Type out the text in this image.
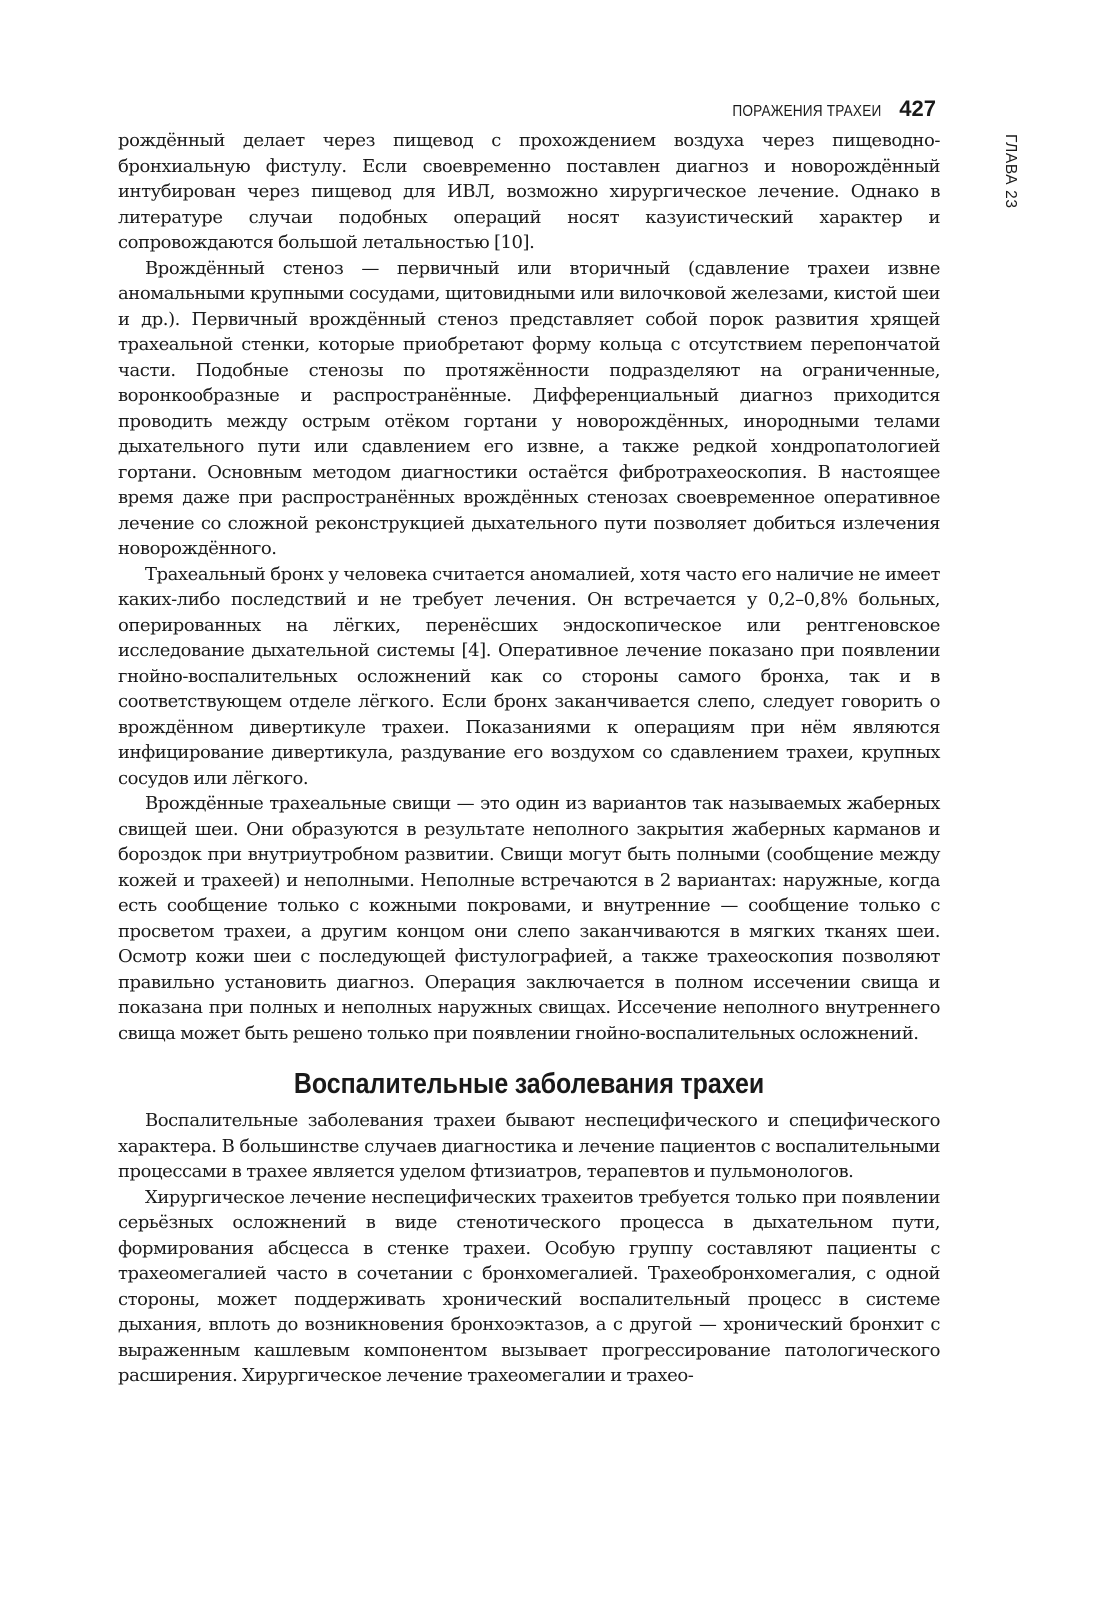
ПОРАЖЕНИЯ ТРАХЕИ 427
ГЛАВА 23

рождённый делает через пищевод с прохождением воздуха через пищеводно-бронхиальную фистулу. Если своевременно поставлен диагноз и новорождённый интубирован через пищевод для ИВЛ, возможно хирургическое лечение. Однако в литературе случаи подобных операций носят казуистический характер и сопровождаются большой летальностью [10].

Врождённый стеноз — первичный или вторичный (сдавление трахеи извне аномальными крупными сосудами, щитовидными или вилочковой железами, кистой шеи и др.). Первичный врождённый стеноз представляет собой порок развития хрящей трахеальной стенки, которые приобретают форму кольца с отсутствием перепончатой части. Подобные стенозы по протяжённости подразделяют на ограниченные, воронкообразные и распространённые. Дифференциальный диагноз приходится проводить между острым отёком гортани у новорождённых, инородными телами дыхательного пути или сдавлением его извне, а также редкой хондропатологией гортани. Основным методом диагностики остаётся фибротрахеоскопия. В настоящее время даже при распространённых врождённых стенозах своевременное оперативное лечение со сложной реконструкцией дыхательного пути позволяет добиться излечения новорождённого.

Трахеальный бронх у человека считается аномалией, хотя часто его наличие не имеет каких-либо последствий и не требует лечения. Он встречается у 0,2–0,8% больных, оперированных на лёгких, перенёсших эндоскопическое или рентгеновское исследование дыхательной системы [4]. Оперативное лечение показано при появлении гнойно-воспалительных осложнений как со стороны самого бронха, так и в соответствующем отделе лёгкого. Если бронх заканчивается слепо, следует говорить о врождённом дивертикуле трахеи. Показаниями к операциям при нём являются инфицирование дивертикула, раздувание его воздухом со сдавлением трахеи, крупных сосудов или лёгкого.

Врождённые трахеальные свищи — это один из вариантов так называемых жаберных свищей шеи. Они образуются в результате неполного закрытия жаберных карманов и бороздок при внутриутробном развитии. Свищи могут быть полными (сообщение между кожей и трахеей) и неполными. Неполные встречаются в 2 вариантах: наружные, когда есть сообщение только с кожными покровами, и внутренние — сообщение только с просветом трахеи, а другим концом они слепо заканчиваются в мягких тканях шеи. Осмотр кожи шеи с последующей фистулографией, а также трахеоскопия позволяют правильно установить диагноз. Операция заключается в полном иссечении свища и показана при полных и неполных наружных свищах. Иссечение неполного внутреннего свища может быть решено только при появлении гнойно-воспалительных осложнений.

Воспалительные заболевания трахеи

Воспалительные заболевания трахеи бывают неспецифического и специфического характера. В большинстве случаев диагностика и лечение пациентов с воспалительными процессами в трахее является уделом фтизиатров, терапевтов и пульмонологов.

Хирургическое лечение неспецифических трахеитов требуется только при появлении серьёзных осложнений в виде стенотического процесса в дыхательном пути, формирования абсцесса в стенке трахеи. Особую группу составляют пациенты с трахеомегалией часто в сочетании с бронхомегалией. Трахеобронхомегалия, с одной стороны, может поддерживать хронический воспалительный процесс в системе дыхания, вплоть до возникновения бронхоэктазов, а с другой — хронический бронхит с выраженным кашлевым компонентом вызывает прогрессирование патологического расширения. Хирургическое лечение трахеомегалии и трахео-
